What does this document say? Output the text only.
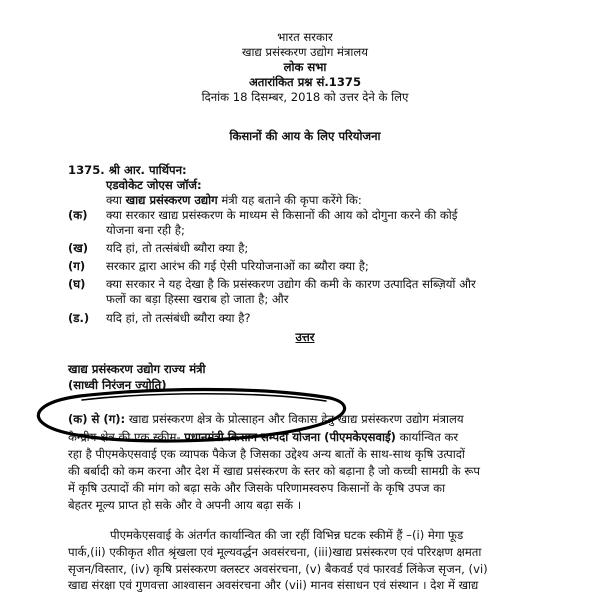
भारत सरकार
खाद्य प्रसंस्करण उद्योग मंत्रालय
लोक सभा
अतारांकित प्रश्न सं.1375
दिनांक 18 दिसम्बर, 2018 को उत्तर देने के लिए
किसानों की आय के लिए परियोजना
1375. श्री आर. पार्थिपन:
एडवोकेट जोएस जॉर्ज:
क्या खाद्य प्रसंस्करण उद्योग मंत्री यह बताने की कृपा करेंगे कि:
(क)	क्या सरकार खाद्य प्रसंस्करण के माध्यम से किसानों की आय को दोगुना करने की कोई
योजना बना रही है;
(ख)	यदि हां, तो तत्संबंधी ब्यौरा क्या है;
(ग)	सरकार द्वारा आरंभ की गई ऐसी परियोजनाओं का ब्यौरा क्या है;
(घ)	क्या सरकार ने यह देखा है कि प्रसंस्करण उद्योग की कमी के कारण उत्पादित सब्ज़ियों और
फलों का बड़ा हिस्सा खराब हो जाता है; और
(ड.)	यदि हां, तो तत्संबंधी ब्यौरा क्या है?
उत्तर
खाद्य प्रसंस्करण उद्योग राज्य मंत्री
(साध्वी निरंजन ज्योति)
(क) से (ग): खाद्य प्रसंस्करण क्षेत्र के प्रोत्साहन और विकास हेतु खाद्य प्रसंस्करण उद्योग मंत्रालय
केन्द्रीय क्षेत्र की एक स्कीम- प्रधानमंत्री किसान सम्पदा योजना (पीएमकेएसवाई) कार्यान्वित कर
रहा है पीएमकेएसवाई एक व्यापक पैकेज है जिसका उद्देश्य अन्य बातों के साथ-साथ कृषि उत्पादों
की बर्बादी को कम करना और देश में खाद्य प्रसंस्करण के स्तर को बढ़ाना है जो कच्ची सामग्री के रूप
में कृषि उत्पादों की मांग को बढ़ा सके और जिसके परिणामस्वरुप किसानों के कृषि उपज का
बेहतर मूल्य प्राप्त हो सके और वे अपनी आय बढ़ा सकें ।
पीएमकेएसवाई के अंतर्गत कार्यान्वित की जा रहीं विभिन्न घटक स्कीमें हैं –(i) मेगा फूड
पार्क,(ii) एकीकृत शीत श्रृंखला एवं मूल्यवर्द्धन अवसंरचना, (iii)खाद्य प्रसंस्करण एवं परिरक्षण क्षमता
सृजन/विस्तार, (iv) कृषि प्रसंस्करण क्लस्टर अवसंरचना, (v) बैकवर्ड एवं फारवर्ड लिंकेज सृजन, (vi)
खाद्य संरक्षा एवं गुणवत्ता आश्वासन अवसंरचना और (vii) मानव संसाधन एवं संस्थान । देश में खाद्य
